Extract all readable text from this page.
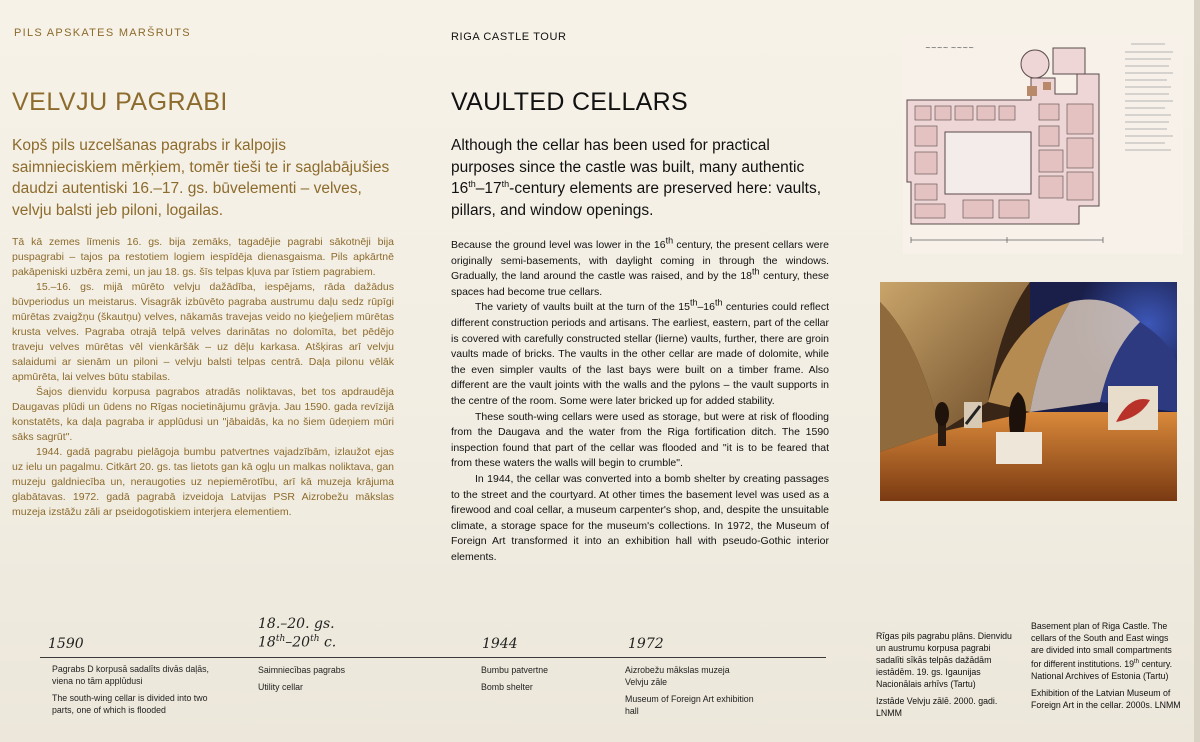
PILS APSKATES MARŠRUTS	RIGA CASTLE TOUR
VELVJU PAGRABI	VAULTED CELLARS
Kopš pils uzcelšanas pagrabs ir kalpojis saimnieciskiem mērķiem, tomēr tieši te ir saglabājušies daudzi autentiski 16.–17. gs. būvelementi – velves, velvju balsti jeb piloni, logailas.
Although the cellar has been used for practical purposes since the castle was built, many authentic 16th–17th-century elements are preserved here: vaults, pillars, and window openings.

Tā kā zemes līmenis 16. gs. bija zemāks, tagadējie pagrabi sākotnēji bija puspagrabi – tajos pa restotiem logiem iespīdēja dienasgaisma. Pils apkārtnē pakāpeniski uzbēra zemi, un jau 18. gs. šīs telpas kļuva par īstiem pagrabiem.

15.–16. gs. mijā mūrēto velvju dažādība, iespējams, rāda dažādus būvperiodus un meistarus. Visagrāk izbūvēto pagraba austrumu daļu sedz rūpīgi mūrētas zvaigžņu (škautņu) velves, nākamās travejas veido no ķieģeļiem mūrētas krusta velves. Pagraba otrajā telpā velves darinātas no dolomīta, bet pēdējo traveju velves mūrētas vēl vienkāršāk – uz dēļu karkasa. Atšķiras arī velvju salaidumi ar sienām un piloni – velvju balsti telpas centrā. Daļa pilonu vēlāk apmūrēta, lai velves būtu stabilas.

Šajos dienvidu korpusa pagrabos atradās noliktavas, bet tos apdraudēja Daugavas plūdi un ūdens no Rīgas nocietinājumu grāvja. Jau 1590. gada revīzijā konstatēts, ka daļa pagraba ir applūdusi un "jābaidās, ka no šiem ūdeņiem mūri sāks sagrūt".

1944. gadā pagrabu pielāgoja bumbu patvertnes vajadzībām, izlaužot ejas uz ielu un pagalmu. Citkārt 20. gs. tas lietots gan kā ogļu un malkas noliktava, gan muzeju galdniecība un, neraugoties uz nepiemērotību, arī kā muzeja krājuma glabātavas. 1972. gadā pagrabā izveidoja Latvijas PSR Aizrobežu mākslas muzeja izstāžu zāli ar pseidogotiskiem interjera elementiem.

Because the ground level was lower in the 16th century, the present cellars were originally semi-basements, with daylight coming in through the windows. Gradually, the land around the castle was raised, and by the 18th century, these spaces had become true cellars.

The variety of vaults built at the turn of the 15th–16th centuries could reflect different construction periods and artisans. The earliest, eastern, part of the cellar is covered with carefully constructed stellar (lierne) vaults, further, there are groin vaults made of bricks. The vaults in the other cellar are made of dolomite, while the even simpler vaults of the last bays were built on a timber frame. Also different are the vault joints with the walls and the pylons – the vault supports in the centre of the room. Some were later bricked up for added stability.

These south-wing cellars were used as storage, but were at risk of flooding from the Daugava and the water from the Riga fortification ditch. The 1590 inspection found that part of the cellar was flooded and "it is to be feared that from these waters the walls will begin to crumble".

In 1944, the cellar was converted into a bomb shelter by creating passages to the street and the courtyard. At other times the basement level was used as a firewood and coal cellar, a museum carpenter's shop, and, despite the unsuitable climate, a storage space for the museum's collections. In 1972, the Museum of Foreign Art transformed it into an exhibition hall with pseudo-Gothic interior elements.

~~~~ ~~~~
1590
18.–20. gs.
18th–20th c.	1944	1972
Pagrabs D korpusā sadalīts divās daļās, viena no tām applūdusi
The south-wing cellar is divided into two parts, one of which is flooded
Saimniecības pagrabs
Utility cellar
Bumbu patvertne
Bomb shelter
Aizrobežu mākslas muzeja Velvju zāle
Museum of Foreign Art exhibition hall
Rīgas pils pagrabu plāns. Dienvidu un austrumu korpusa pagrabi sadalīti sīkās telpās dažādām iestādēm. 19. gs. Igaunijas Nacionālais arhīvs (Tartu)
Izstāde Velvju zālē. 2000. gadi. LNMM
Basement plan of Riga Castle. The cellars of the South and East wings are divided into small compartments for different institutions. 19th century. National Archives of Estonia (Tartu)
Exhibition of the Latvian Museum of Foreign Art in the cellar. 2000s. LNMM
